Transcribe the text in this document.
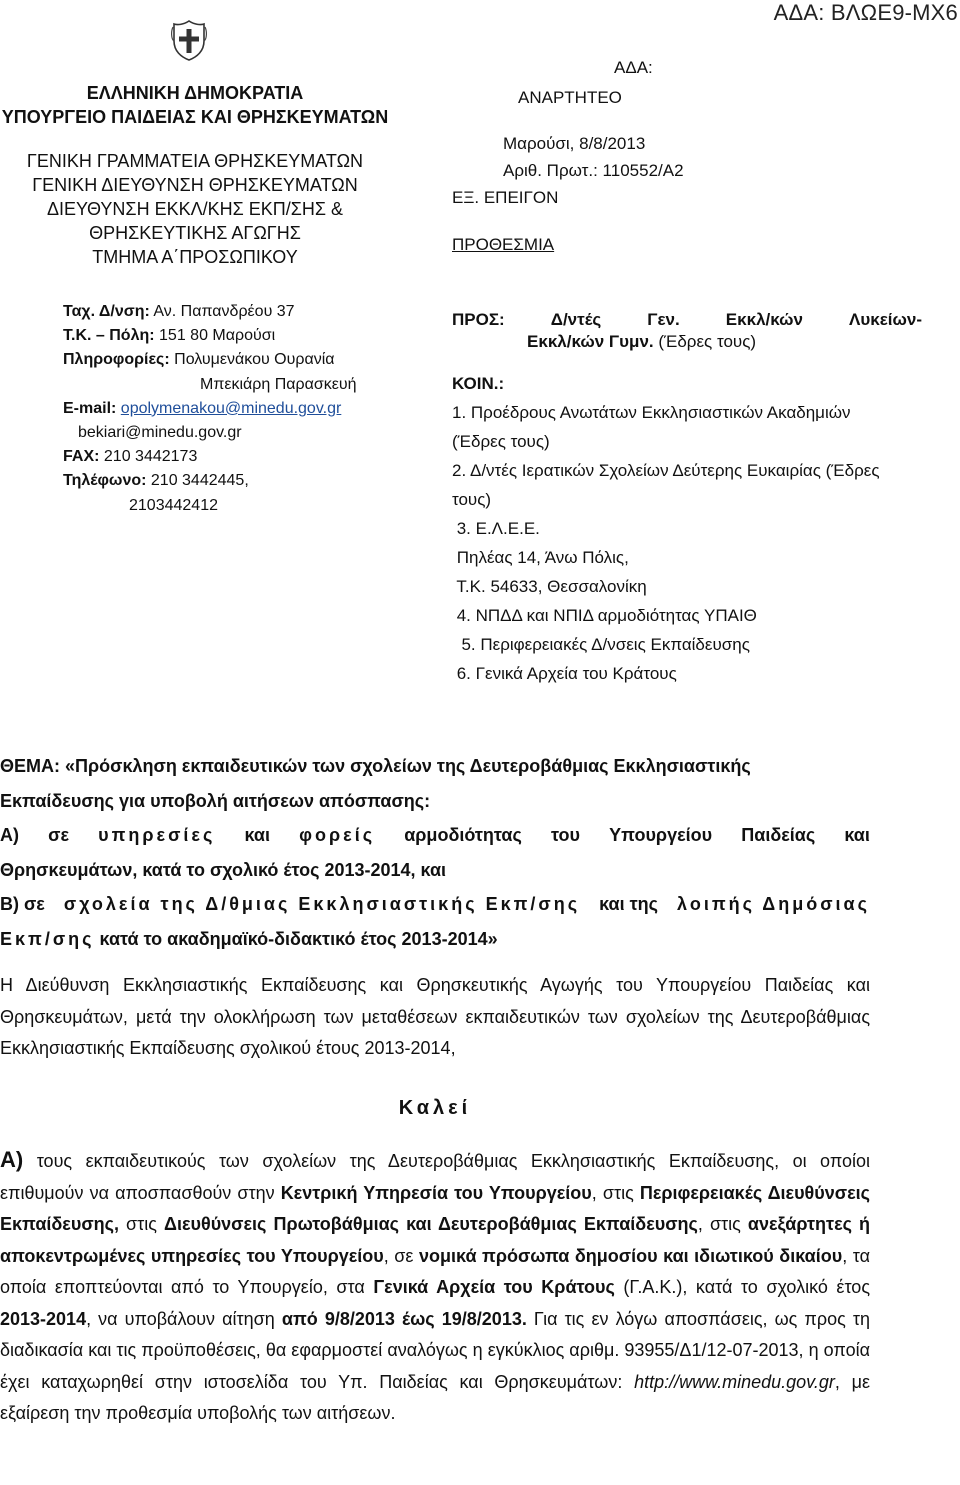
ΑΔΑ: ΒΛΩΕ9-ΜΧ6
ΕΛΛΗΝΙΚΗ ΔΗΜΟΚΡΑΤΙΑ
ΥΠΟΥΡΓΕΙΟ ΠΑΙΔΕΙΑΣ ΚΑΙ ΘΡΗΣΚΕΥΜΑΤΩΝ
ΓΕΝΙΚΗ ΓΡΑΜΜΑΤΕΙΑ ΘΡΗΣΚΕΥΜΑΤΩΝ
ΓΕΝΙΚΗ ΔΙΕΥΘΥΝΣΗ ΘΡΗΣΚΕΥΜΑΤΩΝ
ΔΙΕΥΘΥΝΣΗ ΕΚΚΛ/ΚΗΣ ΕΚΠ/ΣΗΣ &
ΘΡΗΣΚΕΥΤΙΚΗΣ ΑΓΩΓΗΣ
ΤΜΗΜΑ Α΄ΠΡΟΣΩΠΙΚΟΥ
Ταχ. Δ/νση: Αν. Παπανδρέου 37
Τ.Κ. – Πόλη: 151 80 Μαρούσι
Πληροφορίες: Πολυμενάκου Ουρανία
Μπεκιάρη Παρασκευή
E-mail: opolymenakou@minedu.gov.gr
bekiari@minedu.gov.gr
FAX: 210 3442173
Τηλέφωνο: 210 3442445,
2103442412
ΑΔΑ:
ΑΝΑΡΤΗΤΕΟ
Μαρούσι, 8/8/2013
Αριθ. Πρωτ.: 110552/Α2
ΕΞ. ΕΠΕΙΓΟΝ
ΠΡΟΘΕΣΜΙΑ
ΠΡΟΣ:	Δ/ντές	Γεν.	Εκκλ/κών	Λυκείων-
Εκκλ/κών Γυμν. (Έδρες τους)
ΚΟΙΝ.:
1. Προέδρους Ανωτάτων Εκκλησιαστικών Ακαδημιών
(Έδρες τους)
2. Δ/ντές Ιερατικών Σχολείων Δεύτερης Ευκαιρίας (Έδρες
τους)
3. Ε.Λ.Ε.Ε.
Πηλέας 14, Άνω Πόλις,
Τ.Κ. 54633, Θεσσαλονίκη
4. ΝΠΔΔ και ΝΠΙΔ αρμοδιότητας ΥΠΑΙΘ
5. Περιφερειακές Δ/νσεις Εκπαίδευσης
6. Γενικά Αρχεία του Κράτους
ΘΕΜΑ: «Πρόσκληση εκπαιδευτικών των σχολείων της Δευτεροβάθμιας Εκκλησιαστικής
Εκπαίδευσης για υποβολή αιτήσεων απόσπασης:
Α) σε υπηρεσίες και φορείς αρμοδιότητας του Υπουργείου Παιδείας και
Θρησκευμάτων, κατά το σχολικό έτος 2013-2014, και
Β) σε σχολεία της Δ/θμιας Εκκλησιαστικής Εκπ/σης και της λοιπής Δημόσιας
Εκπ/σης κατά το ακαδημαϊκό-διδακτικό έτος 2013-2014»

Η Διεύθυνση Εκκλησιαστικής Εκπαίδευσης και Θρησκευτικής Αγωγής του Υπουργείου Παιδείας και Θρησκευμάτων, μετά την ολοκλήρωση των μεταθέσεων εκπαιδευτικών των σχολείων της Δευτεροβάθμιας Εκκλησιαστικής Εκπαίδευσης σχολικού έτους 2013-2014,

Καλεί

Α) τους εκπαιδευτικούς των σχολείων της Δευτεροβάθμιας Εκκλησιαστικής Εκπαίδευσης, οι οποίοι επιθυμούν να αποσπασθούν στην Κεντρική Υπηρεσία του Υπουργείου, στις Περιφερειακές Διευθύνσεις Εκπαίδευσης, στις Διευθύνσεις Πρωτοβάθμιας και Δευτεροβάθμιας Εκπαίδευσης, στις ανεξάρτητες ή αποκεντρωμένες υπηρεσίες του Υπουργείου, σε νομικά πρόσωπα δημοσίου και ιδιωτικού δικαίου, τα οποία εποπτεύονται από το Υπουργείο, στα Γενικά Αρχεία του Κράτους (Γ.Α.Κ.), κατά το σχολικό έτος 2013-2014, να υποβάλουν αίτηση από 9/8/2013 έως 19/8/2013. Για τις εν λόγω αποσπάσεις, ως προς τη διαδικασία και τις προϋποθέσεις, θα εφαρμοστεί αναλόγως η εγκύκλιος αριθμ. 93955/Δ1/12-07-2013, η οποία έχει καταχωρηθεί στην ιστοσελίδα του Υπ. Παιδείας και Θρησκευμάτων: http://www.minedu.gov.gr, με εξαίρεση την προθεσμία υποβολής των αιτήσεων.
